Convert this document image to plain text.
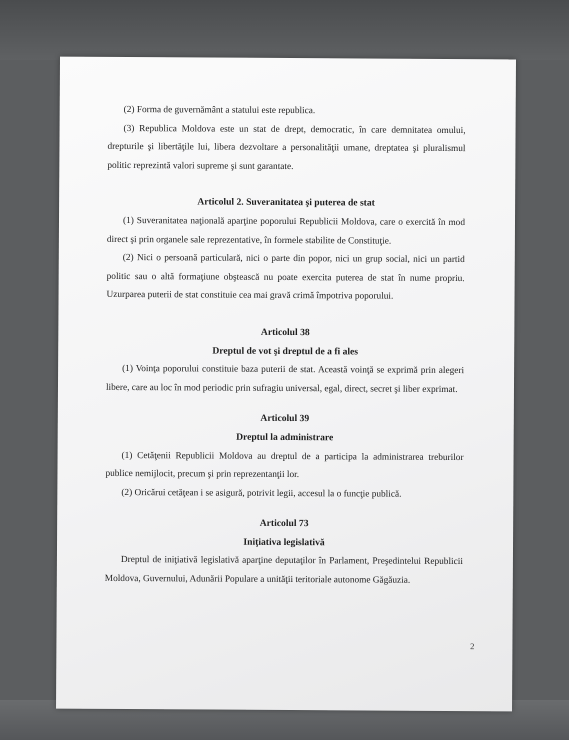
(2) Forma de guvernământ a statului este republica.

(3) Republica Moldova este un stat de drept, democratic, în care demnitatea omului, drepturile şi libertăţile lui, libera dezvoltare a personalităţii umane, dreptatea şi pluralismul politic reprezintă valori supreme şi sunt garantate.

Articolul 2. Suveranitatea şi puterea de stat

(1) Suveranitatea naţională aparţine poporului Republicii Moldova, care o exercită în mod direct şi prin organele sale reprezentative, în formele stabilite de Constituţie.

(2) Nici o persoană particulară, nici o parte din popor, nici un grup social, nici un partid politic sau o altă formaţiune obştească nu poate exercita puterea de stat în nume propriu. Uzurparea puterii de stat constituie cea mai gravă crimă împotriva poporului.

Articolul 38

Dreptul de vot şi dreptul de a fi ales

(1) Voinţa poporului constituie baza puterii de stat. Această voinţă se exprimă prin alegeri libere, care au loc în mod periodic prin sufragiu universal, egal, direct, secret şi liber exprimat.

Articolul 39

Dreptul la administrare

(1) Cetăţenii Republicii Moldova au dreptul de a participa la administrarea treburilor publice nemijlocit, precum şi prin reprezentanţii lor.

(2) Oricărui cetăţean i se asigură, potrivit legii, accesul la o funcţie publică.

Articolul 73

Iniţiativa legislativă

Dreptul de iniţiativă legislativă aparţine deputaţilor în Parlament, Preşedintelui Republicii Moldova, Guvernului, Adunării Populare a unităţii teritoriale autonome Găgăuzia.

2
